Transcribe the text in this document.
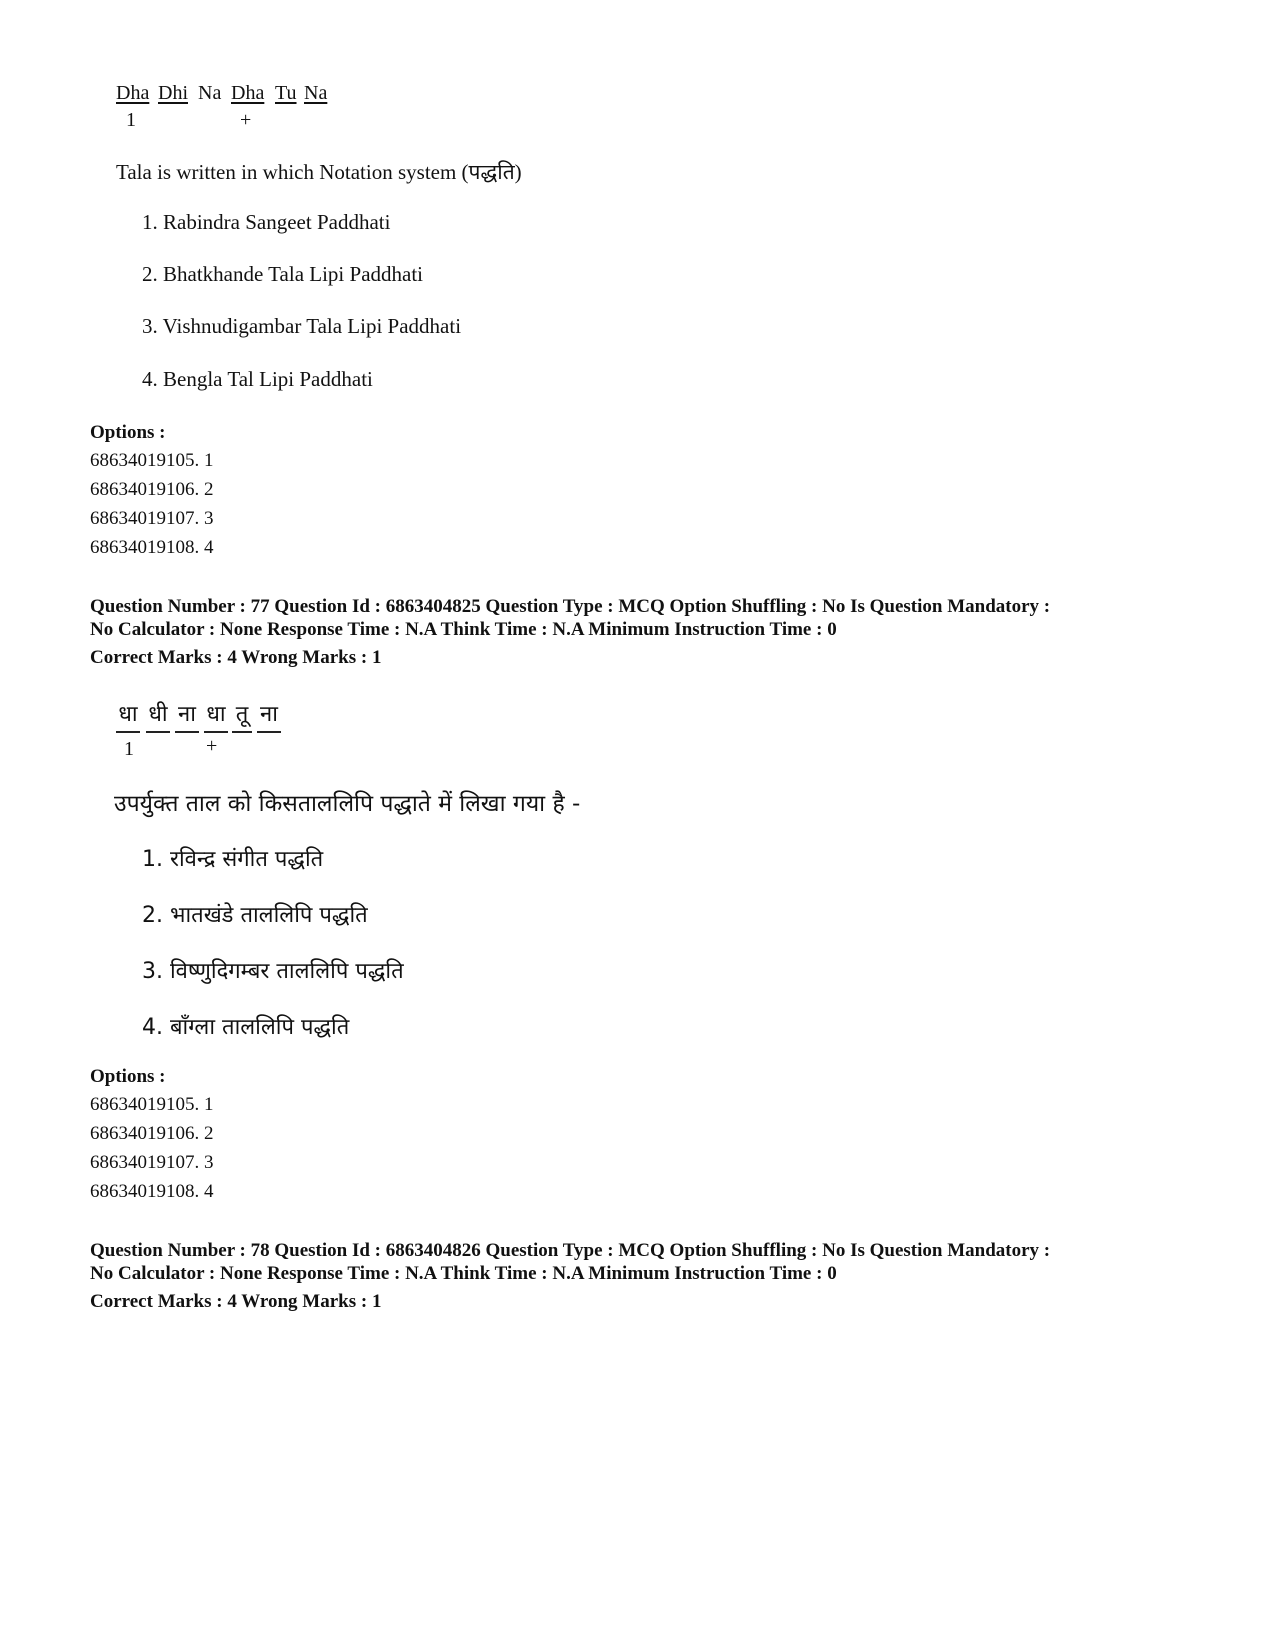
Dha Dhi Na Dha Tu Na
1	+
Tala is written in which Notation system (पद्धति)
1. Rabindra Sangeet Paddhati
2. Bhatkhande Tala Lipi Paddhati
3. Vishnudigambar Tala Lipi Paddhati
4. Bengla Tal Lipi Paddhati
Options :
68634019105. 1
68634019106. 2
68634019107. 3
68634019108. 4
Question Number : 77 Question Id : 6863404825 Question Type : MCQ Option Shuffling : No Is Question Mandatory :
No Calculator : None Response Time : N.A Think Time : N.A Minimum Instruction Time : 0
Correct Marks : 4 Wrong Marks : 1
धा धी ना धा तू ना
1	+
उपर्युक्त ताल को किसताललिपि पद्धाते में लिखा गया है -
1. रविन्द्र संगीत पद्धति
2. भातखंडे ताललिपि पद्धति
3. विष्णुदिगम्बर ताललिपि पद्धति
4. बाँग्ला ताललिपि पद्धति
Options :
68634019105. 1
68634019106. 2
68634019107. 3
68634019108. 4
Question Number : 78 Question Id : 6863404826 Question Type : MCQ Option Shuffling : No Is Question Mandatory :
No Calculator : None Response Time : N.A Think Time : N.A Minimum Instruction Time : 0
Correct Marks : 4 Wrong Marks : 1
